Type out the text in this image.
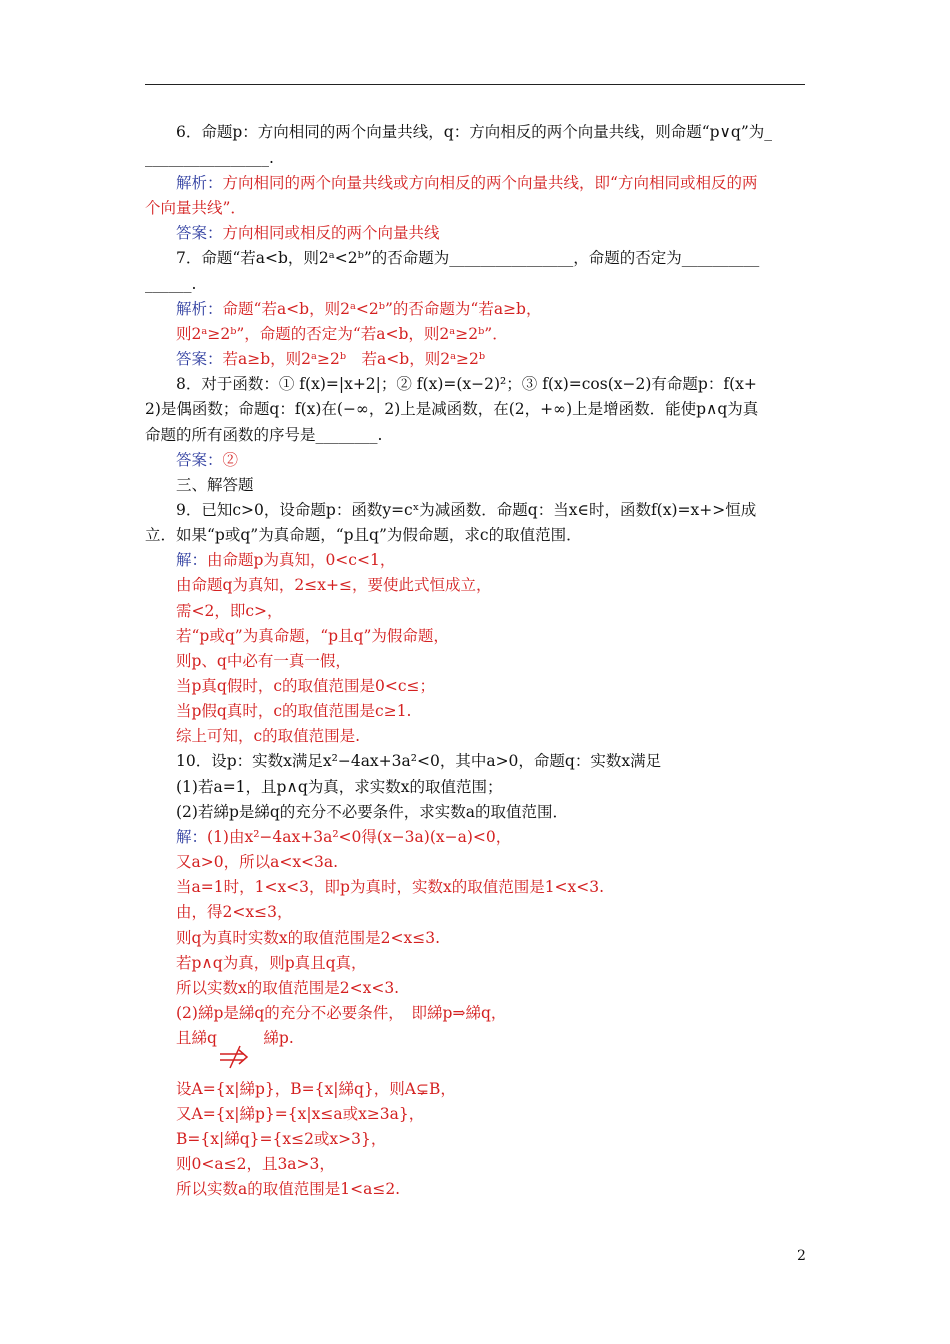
6．命题p：方向相同的两个向量共线，q：方向相反的两个向量共线，则命题“p∨q”为_
________________.
解析：方向相同的两个向量共线或方向相反的两个向量共线，即“方向相同或相反的两
个向量共线”．
答案：方向相同或相反的两个向量共线
7．命题“若a<b，则2ᵃ<2ᵇ”的否命题为________________，命题的否定为__________
______.
解析：命题“若a<b，则2ᵃ<2ᵇ”的否命题为“若a≥b，
则2ᵃ≥2ᵇ”，命题的否定为“若a<b，则2ᵃ≥2ᵇ”．
答案：若a≥b，则2ᵃ≥2ᵇ　若a<b，则2ᵃ≥2ᵇ
8．对于函数：① f(x)=|x+2|；② f(x)=(x−2)²；③ f(x)=cos(x−2)有命题p：f(x+
2)是偶函数；命题q：f(x)在(−∞，2)上是减函数，在(2，+∞)上是增函数．能使p∧q为真
命题的所有函数的序号是________.
答案：②
三、解答题
9．已知c>0，设命题p：函数y=cˣ为减函数．命题q：当x∈时，函数f(x)=x+>恒成
立．如果“p或q”为真命题，“p且q”为假命题，求c的取值范围．
解：由命题p为真知，0<c<1，
由命题q为真知，2≤x+≤，要使此式恒成立，
需<2，即c>，
若“p或q”为真命题，“p且q”为假命题，
则p、q中必有一真一假，
当p真q假时，c的取值范围是0<c≤；
当p假q真时，c的取值范围是c≥1.
综上可知，c的取值范围是.
10．设p：实数x满足x²−4ax+3a²<0，其中a>0，命题q：实数x满足
(1)若a=1，且p∧q为真，求实数x的取值范围；
(2)若綈p是綈q的充分不必要条件，求实数a的取值范围．
解：(1)由x²−4ax+3a²<0得(x−3a)(x−a)<0，
又a>0，所以a<x<3a.
当a=1时，1<x<3，即p为真时，实数x的取值范围是1<x<3.
由，得2<x≤3，
则q为真时实数x的取值范围是2<x≤3.
若p∧q为真，则p真且q真，
所以实数x的取值范围是2<x<3.
(2)綈p是綈q的充分不必要条件，　即綈p⇒綈q，
且綈q　　　綈p.
设A={x|綈p}，B={x|綈q}，则A⊊B，
又A={x|綈p}={x|x≤a或x≥3a}，
B={x|綈q}={x≤2或x>3}，
则0<a≤2，且3a>3，
所以实数a的取值范围是1<a≤2.
2
